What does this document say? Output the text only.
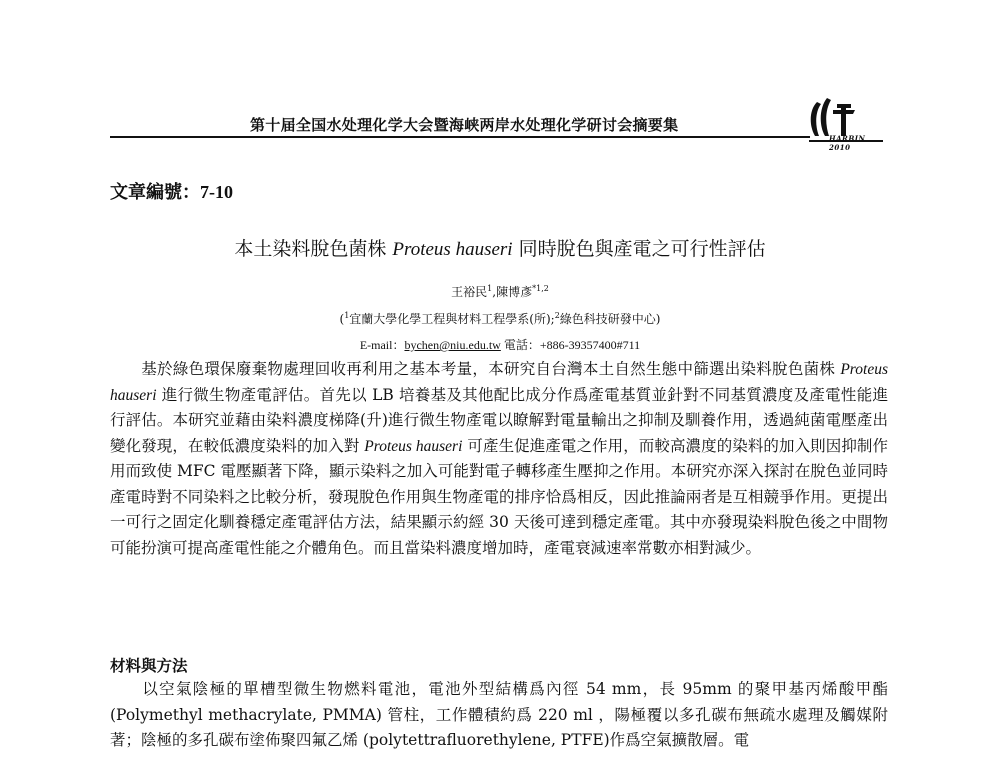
第十届全国水处理化学大会暨海峡两岸水处理化学研讨会摘要集
HARBIN 2010
文章編號：7-10
本土染料脫色菌株 Proteus hauseri 同時脫色與產電之可行性評估
王裕民$^1$,陳博彥$^{*1,2}$
($^1$宜蘭大學化學工程與材料工程學系(所);$^2$綠色科技研發中心)
E-mail：bychen@niu.edu.tw 電話：+886-39357400#711
基於綠色環保廢棄物處理回收再利用之基本考量，本研究自台灣本土自然生態中篩選出染料脫色菌株 Proteus hauseri 進行微生物產電評估。首先以 LB 培養基及其他配比成分作爲產電基質並針對不同基質濃度及產電性能進行評估。本研究並藉由染料濃度梯降(升)進行微生物產電以瞭解對電量輸出之抑制及馴養作用，透過純菌電壓產出變化發現，在較低濃度染料的加入對 Proteus hauseri 可產生促進產電之作用，而較高濃度的染料的加入則因抑制作用而致使 MFC 電壓顯著下降，顯示染料之加入可能對電子轉移產生壓抑之作用。本研究亦深入探討在脫色並同時產電時對不同染料之比較分析，發現脫色作用與生物產電的排序恰爲相反，因此推論兩者是互相競爭作用。更提出一可行之固定化馴養穩定產電評估方法，結果顯示約經 30 天後可達到穩定產電。其中亦發現染料脫色後之中間物可能扮演可提高產電性能之介體角色。而且當染料濃度增加時，產電衰減速率常數亦相對減少。
材料與方法
以空氣陰極的單槽型微生物燃料電池，電池外型結構爲內徑 54 mm，長 95mm 的聚甲基丙烯酸甲酯 (Polymethyl methacrylate, PMMA) 管柱，工作體積約爲 220 ml ，陽極覆以多孔碳布無疏水處理及觸媒附著；陰極的多孔碳布塗佈聚四氟乙烯 (polytettrafluorethylene, PTFE)作爲空氣擴散層。電
